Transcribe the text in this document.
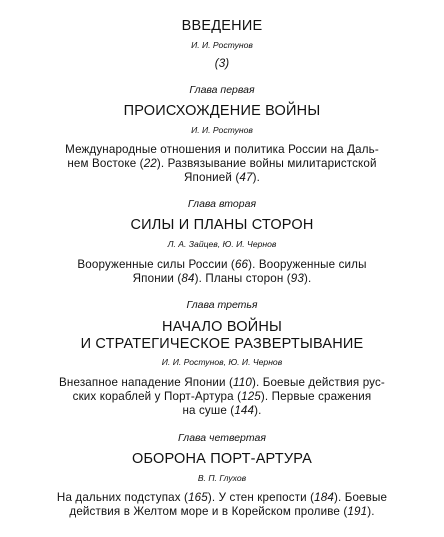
ВВЕДЕНИЕ
И. И. Ростунов
(3)
Глава первая
ПРОИСХОЖДЕНИЕ ВОЙНЫ
И. И. Ростунов
Международные отношения и политика России на Даль-
нем Востоке (22). Развязывание войны милитаристской
Японией (47).
Глава вторая
СИЛЫ И ПЛАНЫ СТОРОН
Л. А. Зайцев, Ю. И. Чернов
Вооруженные силы России (66). Вооруженные силы
Японии (84). Планы сторон (93).
Глава третья
НАЧАЛО ВОЙНЫ
И СТРАТЕГИЧЕСКОЕ РАЗВЕРТЫВАНИЕ
И. И. Ростунов, Ю. И. Чернов
Внезапное нападение Японии (110). Боевые действия рус-
ских кораблей у Порт-Артура (125). Первые сражения
на суше (144).
Глава четвертая
ОБОРОНА ПОРТ-АРТУРА
В. П. Глухов
На дальних подступах (165). У стен крепости (184). Боевые
действия в Желтом море и в Корейском проливе (191).
